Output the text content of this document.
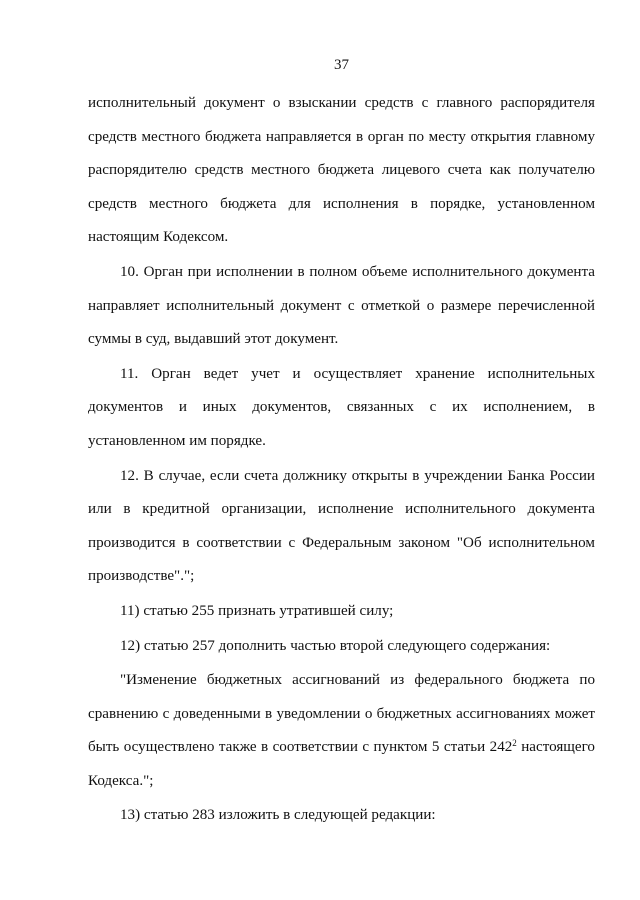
37

исполнительный документ о взыскании средств с главного распорядителя средств местного бюджета направляется в орган по месту открытия главному распорядителю средств местного бюджета лицевого счета как получателю средств местного бюджета для исполнения в порядке, установленном настоящим Кодексом.

10. Орган при исполнении в полном объеме исполнительного документа направляет исполнительный документ с отметкой о размере перечисленной суммы в суд, выдавший этот документ.

11. Орган ведет учет и осуществляет хранение исполнительных документов и иных документов, связанных с их исполнением, в установленном им порядке.

12. В случае, если счета должнику открыты в учреждении Банка России или в кредитной организации, исполнение исполнительного документа производится в соответствии с Федеральным законом "Об исполнительном производстве".";

11) статью 255 признать утратившей силу;

12) статью 257 дополнить частью второй следующего содержания:

"Изменение бюджетных ассигнований из федерального бюджета по сравнению с доведенными в уведомлении о бюджетных ассигнованиях может быть осуществлено также в соответствии с пунктом 5 статьи $242^2$ настоящего Кодекса.";

13) статью 283 изложить в следующей редакции:
